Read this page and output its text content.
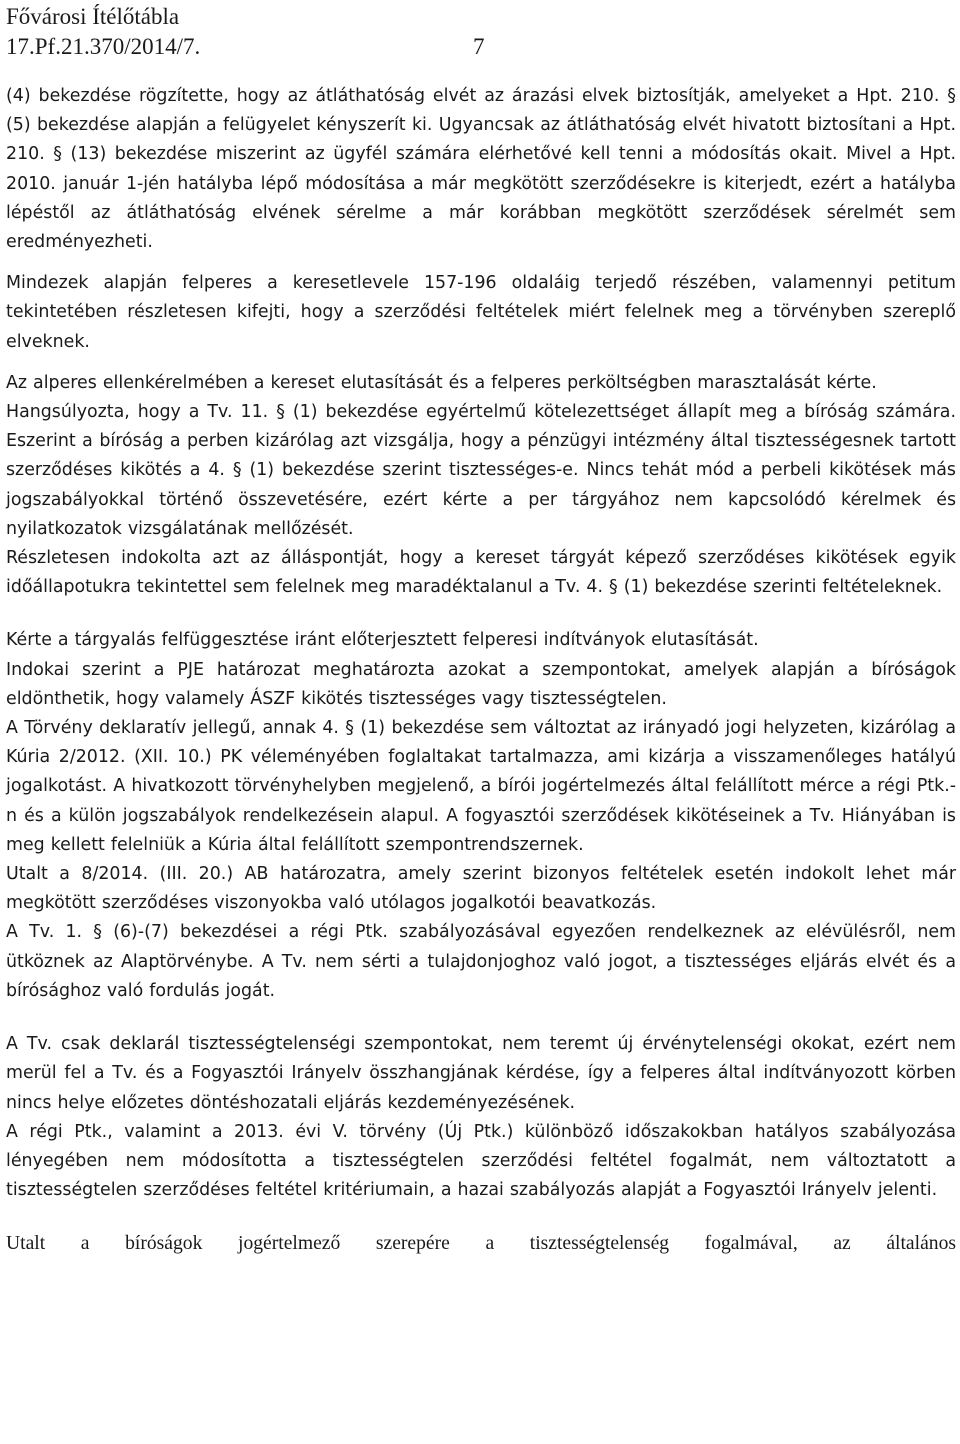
Fővárosi Ítélőtábla
17.Pf.21.370/2014/7.	7

(4) bekezdése rögzítette, hogy az átláthatóság elvét az árazási elvek biztosítják, amelyeket a Hpt. 210. § (5) bekezdése alapján a felügyelet kényszerít ki. Ugyancsak az átláthatóság elvét hivatott biztosítani a Hpt. 210. § (13) bekezdése miszerint az ügyfél számára elérhetővé kell tenni a módosítás okait. Mivel a Hpt. 2010. január 1-jén hatályba lépő módosítása a már megkötött szerződésekre is kiterjedt, ezért a hatályba lépéstől az átláthatóság elvének sérelme a már korábban megkötött szerződések sérelmét sem eredményezheti.

Mindezek alapján felperes a keresetlevele 157-196 oldaláig terjedő részében, valamennyi petitum tekintetében részletesen kifejti, hogy a szerződési feltételek miért felelnek meg a törvényben szereplő elveknek.

Az alperes ellenkérelmében a kereset elutasítását és a felperes perköltségben marasztalását kérte.

Hangsúlyozta, hogy a Tv. 11. § (1) bekezdése egyértelmű kötelezettséget állapít meg a bíróság számára. Eszerint a bíróság a perben kizárólag azt vizsgálja, hogy a pénzügyi intézmény által tisztességesnek tartott szerződéses kikötés a 4. § (1) bekezdése szerint tisztességes-e. Nincs tehát mód a perbeli kikötések más jogszabályokkal történő összevetésére, ezért kérte a per tárgyához nem kapcsolódó kérelmek és nyilatkozatok vizsgálatának mellőzését.

Részletesen indokolta azt az álláspontját, hogy a kereset tárgyát képező szerződéses kikötések egyik időállapotukra tekintettel sem felelnek meg maradéktalanul a Tv. 4. § (1) bekezdése szerinti feltételeknek.

Kérte a tárgyalás felfüggesztése iránt előterjesztett felperesi indítványok elutasítását.

Indokai szerint a PJE határozat meghatározta azokat a szempontokat, amelyek alapján a bíróságok eldönthetik, hogy valamely ÁSZF kikötés tisztességes vagy tisztességtelen.

A Törvény deklaratív jellegű, annak 4. § (1) bekezdése sem változtat az irányadó jogi helyzeten, kizárólag a Kúria 2/2012. (XII. 10.) PK véleményében foglaltakat tartalmazza, ami kizárja a visszamenőleges hatályú jogalkotást. A hivatkozott törvényhelyben megjelenő, a bírói jogértelmezés által felállított mérce a régi Ptk.-n és a külön jogszabályok rendelkezésein alapul. A fogyasztói szerződések kikötéseinek a Tv. Hiányában is meg kellett felelniük a Kúria által felállított szempontrendszernek.

Utalt a 8/2014. (III. 20.) AB határozatra, amely szerint bizonyos feltételek esetén indokolt lehet már megkötött szerződéses viszonyokba való utólagos jogalkotói beavatkozás.

A Tv. 1. § (6)-(7) bekezdései a régi Ptk. szabályozásával egyezően rendelkeznek az elévülésről, nem ütköznek az Alaptörvénybe. A Tv. nem sérti a tulajdonjoghoz való jogot, a tisztességes eljárás elvét és a bírósághoz való fordulás jogát.

A Tv. csak deklarál tisztességtelenségi szempontokat, nem teremt új érvénytelenségi okokat, ezért nem merül fel a Tv. és a Fogyasztói Irányelv összhangjának kérdése, így a felperes által indítványozott körben nincs helye előzetes döntéshozatali eljárás kezdeményezésének.

A régi Ptk., valamint a 2013. évi V. törvény (Új Ptk.) különböző időszakokban hatályos szabályozása lényegében nem módosította a tisztességtelen szerződési feltétel fogalmát, nem változtatott a tisztességtelen szerződéses feltétel kritériumain, a hazai szabályozás alapját a Fogyasztói Irányelv jelenti.

Utalt a bíróságok jogértelmező szerepére a tisztességtelenség fogalmával, az általános
